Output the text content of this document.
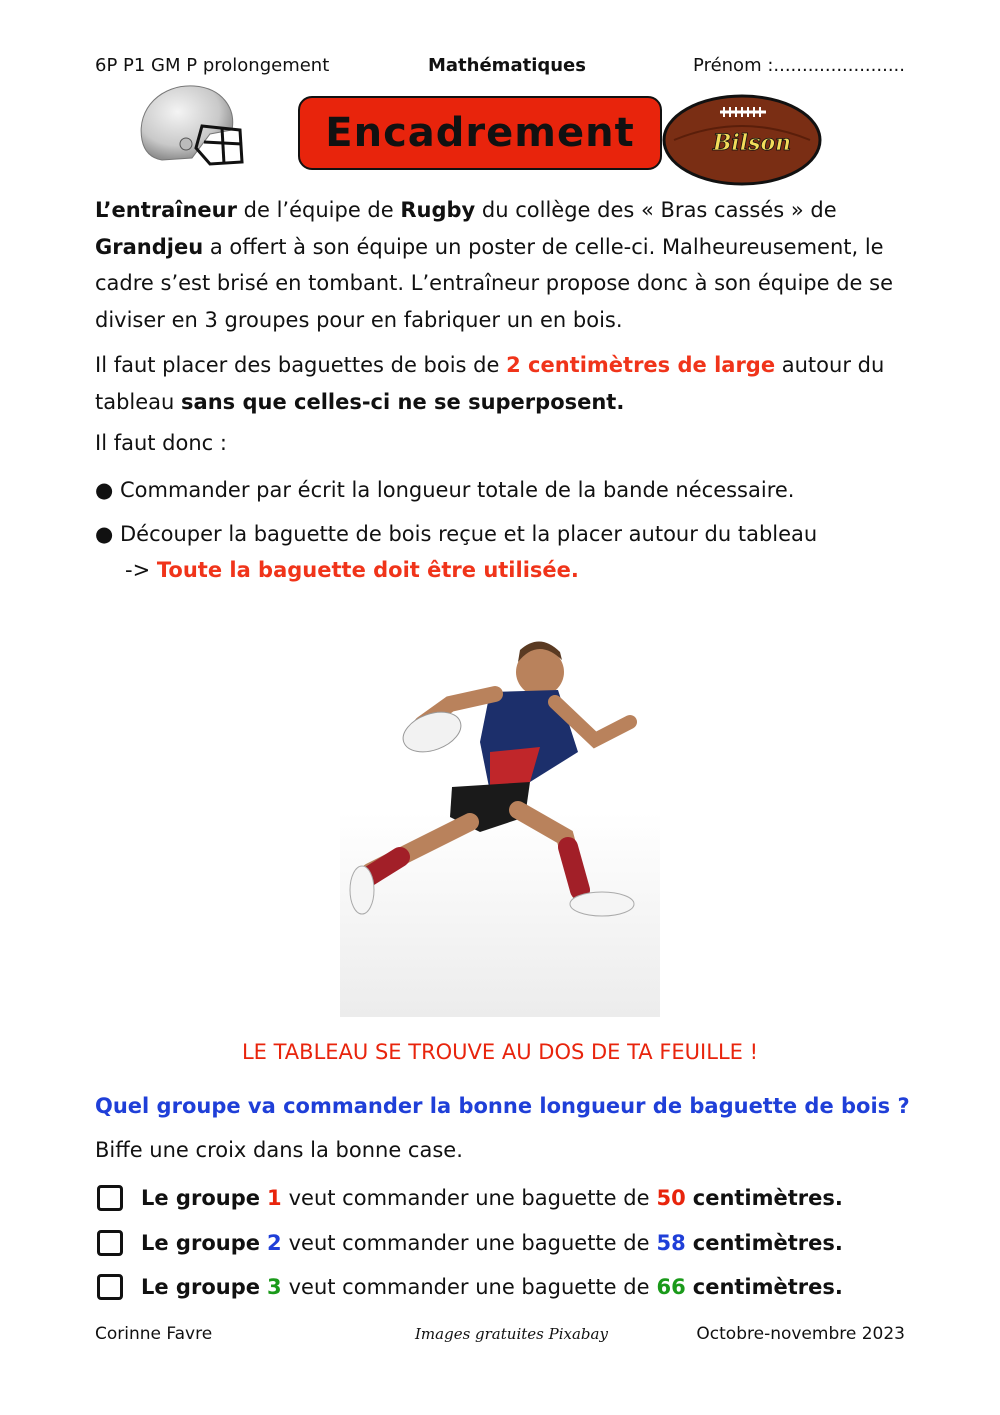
6P P1 GM P prolongement	Mathématiques	Prénom :.......................
Encadrement	Bilson
L’entraîneur de l’équipe de Rugby du collège des « Bras cassés » de Grandjeu a offert à son équipe un poster de celle-ci. Malheureusement, le cadre s’est brisé en tombant. L’entraîneur propose donc à son équipe de se diviser en 3 groupes pour en fabriquer un en bois.
Il faut placer des baguettes de bois de 2 centimètres de large autour du tableau sans que celles-ci ne se superposent.
Il faut donc :
● Commander par écrit la longueur totale de la bande nécessaire.
● Découper la baguette de bois reçue et la placer autour du tableau
-> Toute la baguette doit être utilisée.
LE TABLEAU SE TROUVE AU DOS DE TA FEUILLE !
Quel groupe va commander la bonne longueur de baguette de bois ?
Biffe une croix dans la bonne case.
Le groupe 1 veut commander une baguette de 50 centimètres.
Le groupe 2 veut commander une baguette de 58 centimètres.
Le groupe 3 veut commander une baguette de 66 centimètres.
Corinne Favre	Images gratuites Pixabay	Octobre-novembre 2023
